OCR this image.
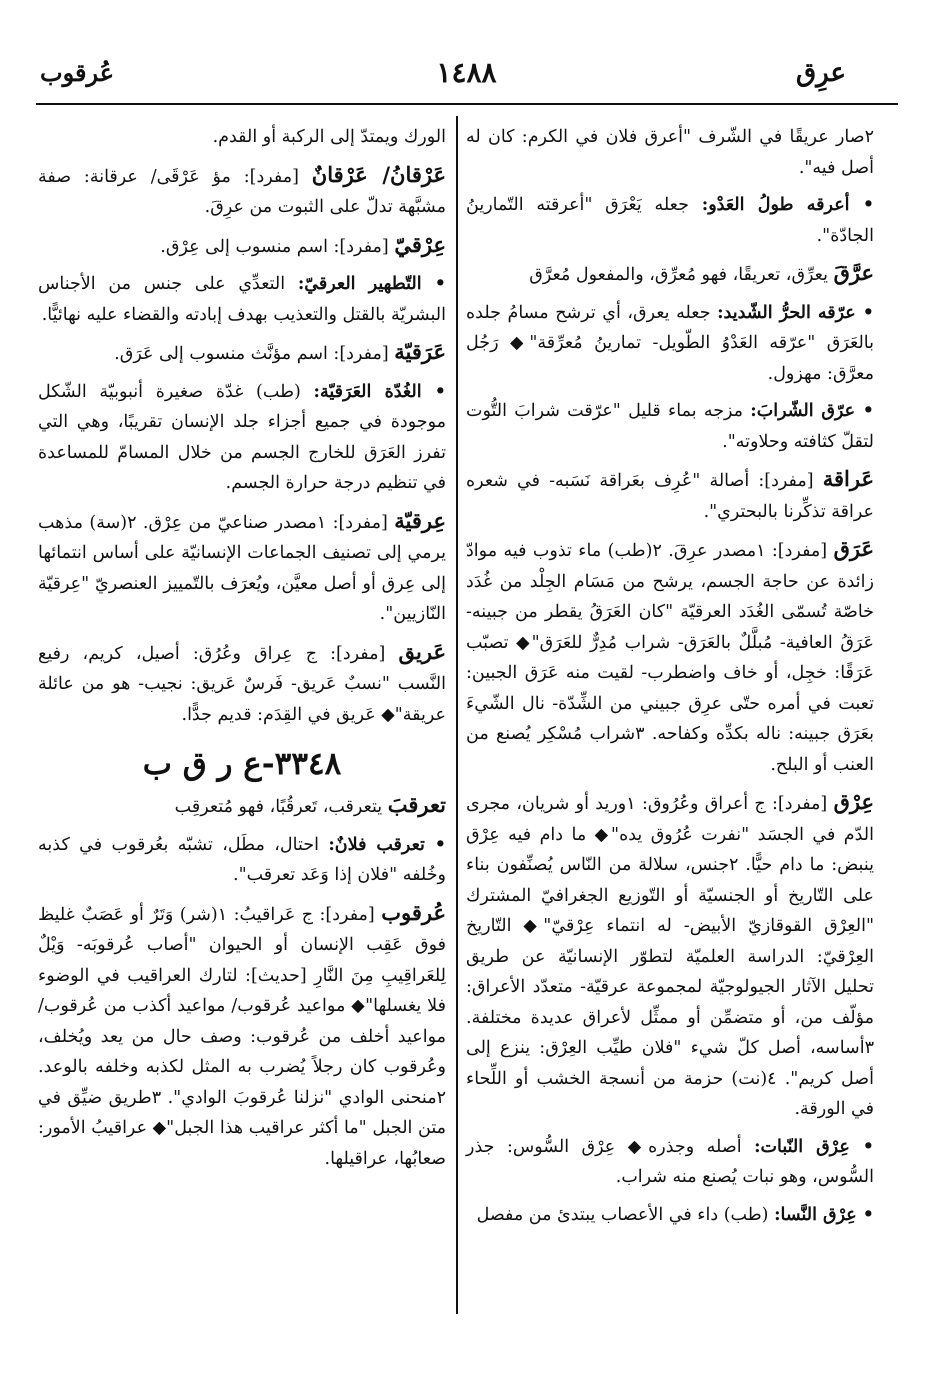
عرِق
١٤٨٨
عُرقوب
٢صار عريقًا في الشّرف "أعرق فلان في الكرم: كان له أصل فيه".
• أعرقه طولُ العَدْو: جعله يَعْرَق "أعرقته التّمارينُ الجادّة".
عرَّقَ يعرِّق، تعريقًا، فهو مُعرِّق، والمفعول مُعرَّق
• عرّقه الحرُّ الشّديد: جعله يعرق، أي ترشح مسامُ جلده بالعَرَق "عرّقه العَدْوُ الطّويل- تمارينُ مُعرِّقة"◆ رَجُل معرَّق: مهزول.
• عرّق الشّرابَ: مزجه بماء قليل "عرّقت شرابَ التُّوت لتقلّ كثافته وحلاوته".
عَراقة [مفرد]: أصالة "عُرِف بعَراقة نَسَبه- في شعره عراقة تذكِّرنا بالبحتري".
عَرَق [مفرد]: ١مصدر عرِقَ. ٢(طب) ماء تذوب فيه موادّ زائدة عن حاجة الجسم، يرشح من مَسَام الجِلْد من غُدَد خاصّة تُسمّى الغُدَد العرقيّة "كان العَرَقُ يقطر من جبينه- عَرَقُ العافية- مُبلَّلٌ بالعَرَق- شراب مُدِرٌّ للعَرَق"◆ تصبّب عَرَقًا: خجِل، أو خاف واضطرب- لقيت منه عَرَق الجبين: تعبت في أمره حتّى عرِق جبيني من الشِّدّة- نال الشّيءَ بعَرَق جبينه: ناله بكدِّه وكفاحه. ٣شراب مُسْكِر يُصنع من العنب أو البلح.
عِرْق [مفرد]: ج أعراق وعُرُوق: ١وريد أو شريان، مجرى الدّم في الجسَد "نفرت عُرُوق يده"◆ ما دام فيه عِرْق ينبض: ما دام حيًّا. ٢جنس، سلالة من النّاس يُصنِّفون بناء على التّاريخ أو الجنسيّة أو التّوزيع الجغرافيّ المشترك "العِرْق القوقازيّ الأبيض- له انتماء عِرْقيّ"◆ التّاريخ العِرْقيّ: الدراسة العلميّة لتطوّر الإنسانيّة عن طريق تحليل الآثار الجيولوجيّة لمجموعة عرقيّة- متعدّد الأعراق: مؤلّف من، أو متضمِّن أو ممثِّل لأعراق عديدة مختلفة. ٣أساسه، أصل كلّ شيء "فلان طيِّب العِرْق: ينزع إلى أصل كريم". ٤(نت) حزمة من أنسجة الخشب أو اللِّحاء في الورقة.
• عِرْق النّبات: أصله وجذره◆ عِرْق السُّوس: جذر السُّوس، وهو نبات يُصنع منه شراب.
• عِرْق النَّسا: (طب) داء في الأعصاب يبتدئ من مفصل
الورك ويمتدّ إلى الركبة أو القدم.
عَرْقانُ/ عَرْقانٌ [مفرد]: مؤ عَرْقَى/ عرقانة: صفة مشبَّهة تدلّ على الثبوت من عرِقَ.
عِرْقيّ [مفرد]: اسم منسوب إلى عِرْق.
• التّطهير العرقيّ: التعدِّي على جنس من الأجناس البشريّة بالقتل والتعذيب بهدف إبادته والقضاء عليه نهائيًّا.
عَرَقيّة [مفرد]: اسم مؤنَّث منسوب إلى عَرَق.
• الغُدّة العَرَقيّة: (طب) غدّة صغيرة أنبوبيّة الشّكل موجودة في جميع أجزاء جلد الإنسان تقريبًا، وهي التي تفرز العَرَق للخارج الجسم من خلال المسامّ للمساعدة في تنظيم درجة حرارة الجسم.
عِرقيّة [مفرد]: ١مصدر صناعيّ من عِرْق. ٢(سة) مذهب يرمي إلى تصنيف الجماعات الإنسانيّة على أساس انتمائها إلى عِرق أو أصل معيَّن، ويُعرَف بالتّمييز العنصريّ "عِرقيّة النّازيين".
عَريق [مفرد]: ج عِراق وعُرُق: أصيل، كريم، رفيع النَّسب "نسبٌ عَريق- فَرسٌ عَريق: نجيب- هو من عائلة عريقة"◆ عَريق في القِدَم: قديم جدًّا.
٣٣٤٨-ع ر ق ب
تعرقبَ يتعرقب، تَعرقُبًا، فهو مُتعرقِب
• تعرقب فلانٌ: احتال، مطَل، تشبّه بعُرقوب في كذبه وخُلفه "فلان إذا وَعَد تعرقب".
عُرقوب [مفرد]: ج عَراقيبُ: ١(شر) وَتَرٌ أو عَصَبٌ غليظ فوق عَقِب الإنسان أو الحيوان "أصاب عُرقوبَه- وَيْلٌ لِلعَراقِيبِ مِنَ النَّارِ [حديث]: لتارك العراقيب في الوضوء فلا يغسلها"◆ مواعيد عُرقوب/ مواعيد أكذب من عُرقوب/ مواعيد أخلف من عُرقوب: وصف حال من يعد ويُخلف، وعُرقوب كان رجلاً يُضرب به المثل لكذبه وخلفه بالوعد. ٢منحنى الوادي "نزلنا عُرقوبَ الوادي". ٣طريق ضيِّق في متن الجبل "ما أكثر عراقيب هذا الجبل"◆ عراقيبُ الأمور: صعابُها، عراقيلها.
